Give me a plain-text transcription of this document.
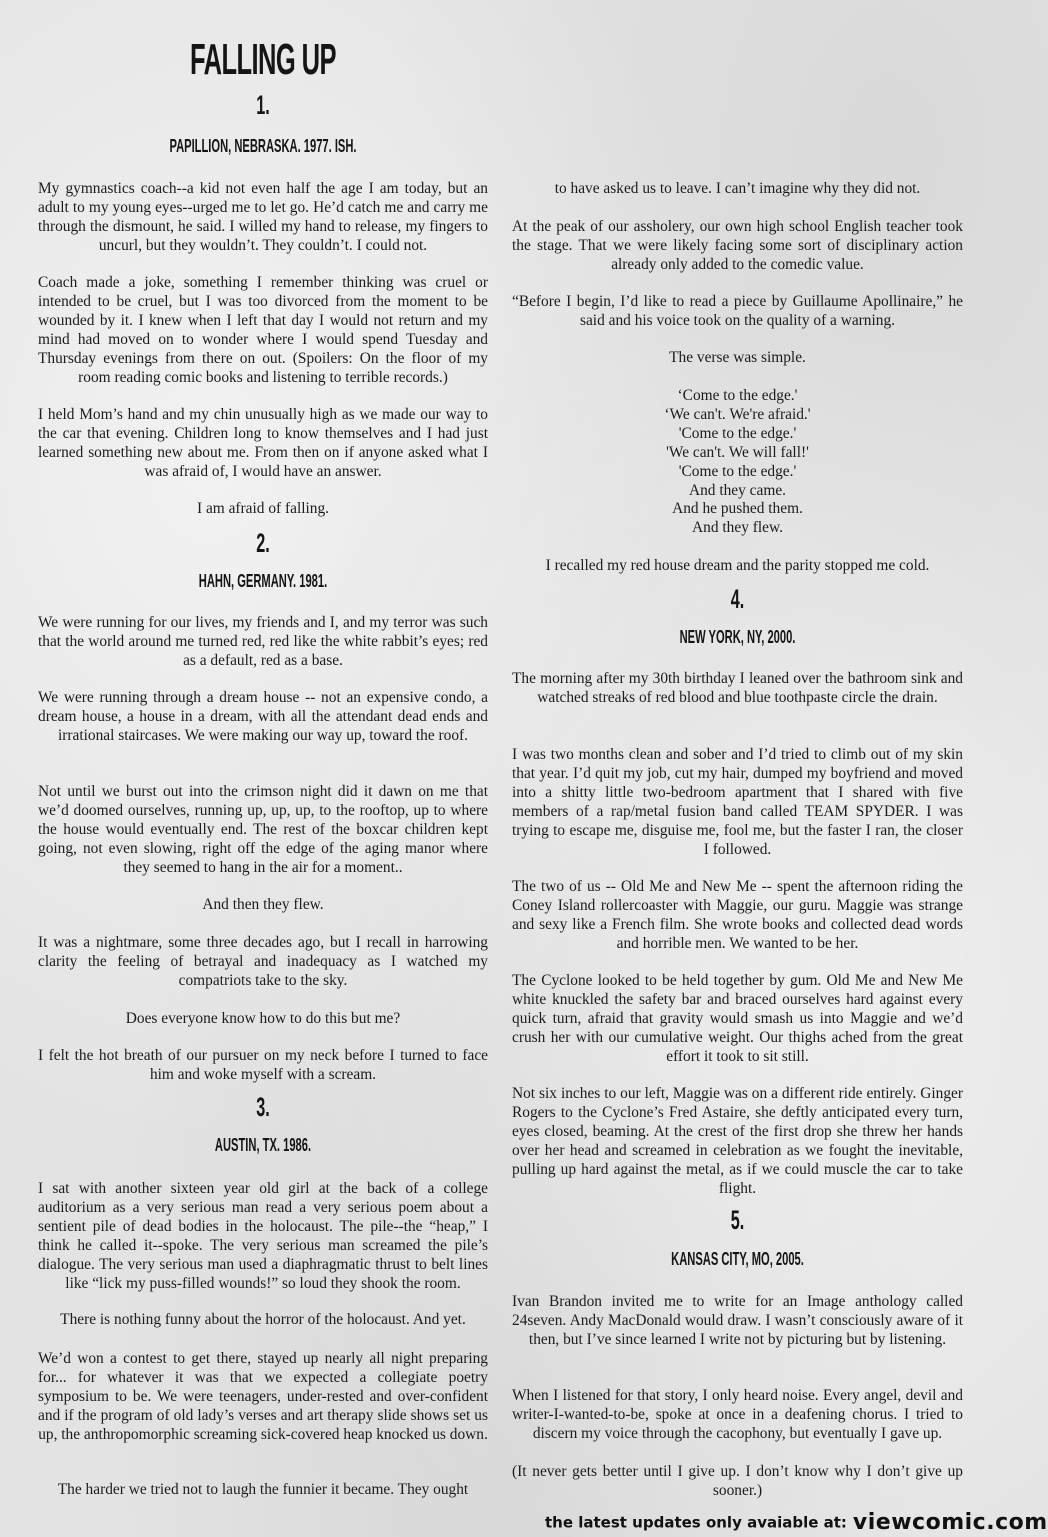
FALLING UP
1.
PAPILLION, NEBRASKA. 1977. ISH.

My gymnastics coach--a kid not even half the age I am today, but an adult to my young eyes--urged me to let go. He’d catch me and carry me through the dismount, he said. I willed my hand to release, my fingers to uncurl, but they wouldn’t. They couldn’t. I could not.

Coach made a joke, something I remember thinking was cruel or intended to be cruel, but I was too divorced from the moment to be wounded by it. I knew when I left that day I would not return and my mind had moved on to wonder where I would spend Tuesday and Thursday evenings from there on out. (Spoilers: On the floor of my room reading comic books and listening to terrible records.)

I held Mom’s hand and my chin unusually high as we made our way to the car that evening. Children long to know themselves and I had just learned something new about me. From then on if anyone asked what I was afraid of, I would have an answer.

I am afraid of falling.

2.
HAHN, GERMANY. 1981.

We were running for our lives, my friends and I, and my terror was such that the world around me turned red, red like the white rabbit’s eyes; red as a default, red as a base.

We were running through a dream house -- not an expensive condo, a dream house, a house in a dream, with all the attendant dead ends and irrational staircases. We were making our way up, toward the roof.

Not until we burst out into the crimson night did it dawn on me that we’d doomed ourselves, running up, up, up, to the rooftop, up to where the house would eventually end. The rest of the boxcar children kept going, not even slowing, right off the edge of the aging manor where they seemed to hang in the air for a moment..

And then they flew.

It was a nightmare, some three decades ago, but I recall in harrowing clarity the feeling of betrayal and inadequacy as I watched my compatriots take to the sky.

Does everyone know how to do this but me?

I felt the hot breath of our pursuer on my neck before I turned to face him and woke myself with a scream.

3.
AUSTIN, TX. 1986.

I sat with another sixteen year old girl at the back of a college auditorium as a very serious man read a very serious poem about a sentient pile of dead bodies in the holocaust. The pile--the “heap,” I think he called it--spoke. The very serious man screamed the pile’s dialogue. The very serious man used a diaphragmatic thrust to belt lines like “lick my puss-filled wounds!” so loud they shook the room.

There is nothing funny about the horror of the holocaust. And yet.

We’d won a contest to get there, stayed up nearly all night preparing for... for whatever it was that we expected a collegiate poetry symposium to be. We were teenagers, under-rested and over-confident and if the program of old lady’s verses and art therapy slide shows set us up, the anthropomorphic screaming sick-covered heap knocked us down.

The harder we tried not to laugh the funnier it became. They ought

to have asked us to leave. I can’t imagine why they did not.

At the peak of our assholery, our own high school English teacher took the stage. That we were likely facing some sort of disciplinary action already only added to the comedic value.

“Before I begin, I’d like to read a piece by Guillaume Apollinaire,” he said and his voice took on the quality of a warning.

The verse was simple.

‘Come to the edge.'
‘We can't. We're afraid.'
'Come to the edge.'
'We can't. We will fall!'
'Come to the edge.'
And they came.
And he pushed them.
And they flew.

I recalled my red house dream and the parity stopped me cold.

4.
NEW YORK, NY, 2000.

The morning after my 30th birthday I leaned over the bathroom sink and watched streaks of red blood and blue toothpaste circle the drain.

I was two months clean and sober and I’d tried to climb out of my skin that year. I’d quit my job, cut my hair, dumped my boyfriend and moved into a shitty little two-bedroom apartment that I shared with five members of a rap/metal fusion band called TEAM SPYDER. I was trying to escape me, disguise me, fool me, but the faster I ran, the closer I followed.

The two of us -- Old Me and New Me -- spent the afternoon riding the Coney Island rollercoaster with Maggie, our guru. Maggie was strange and sexy like a French film. She wrote books and collected dead words and horrible men. We wanted to be her.

The Cyclone looked to be held together by gum. Old Me and New Me white knuckled the safety bar and braced ourselves hard against every quick turn, afraid that gravity would smash us into Maggie and we’d crush her with our cumulative weight. Our thighs ached from the great effort it took to sit still.

Not six inches to our left, Maggie was on a different ride entirely. Ginger Rogers to the Cyclone’s Fred Astaire, she deftly anticipated every turn, eyes closed, beaming. At the crest of the first drop she threw her hands over her head and screamed in celebration as we fought the inevitable, pulling up hard against the metal, as if we could muscle the car to take flight.

5.
KANSAS CITY, MO, 2005.

Ivan Brandon invited me to write for an Image anthology called 24seven. Andy MacDonald would draw. I wasn’t consciously aware of it then, but I’ve since learned I write not by picturing but by listening.

When I listened for that story, I only heard noise. Every angel, devil and writer-I-wanted-to-be, spoke at once in a deafening chorus. I tried to discern my voice through the cacophony, but eventually I gave up.

(It never gets better until I give up. I don’t know why I don’t give up sooner.)

the latest updates only avaiable at: viewcomic.com
